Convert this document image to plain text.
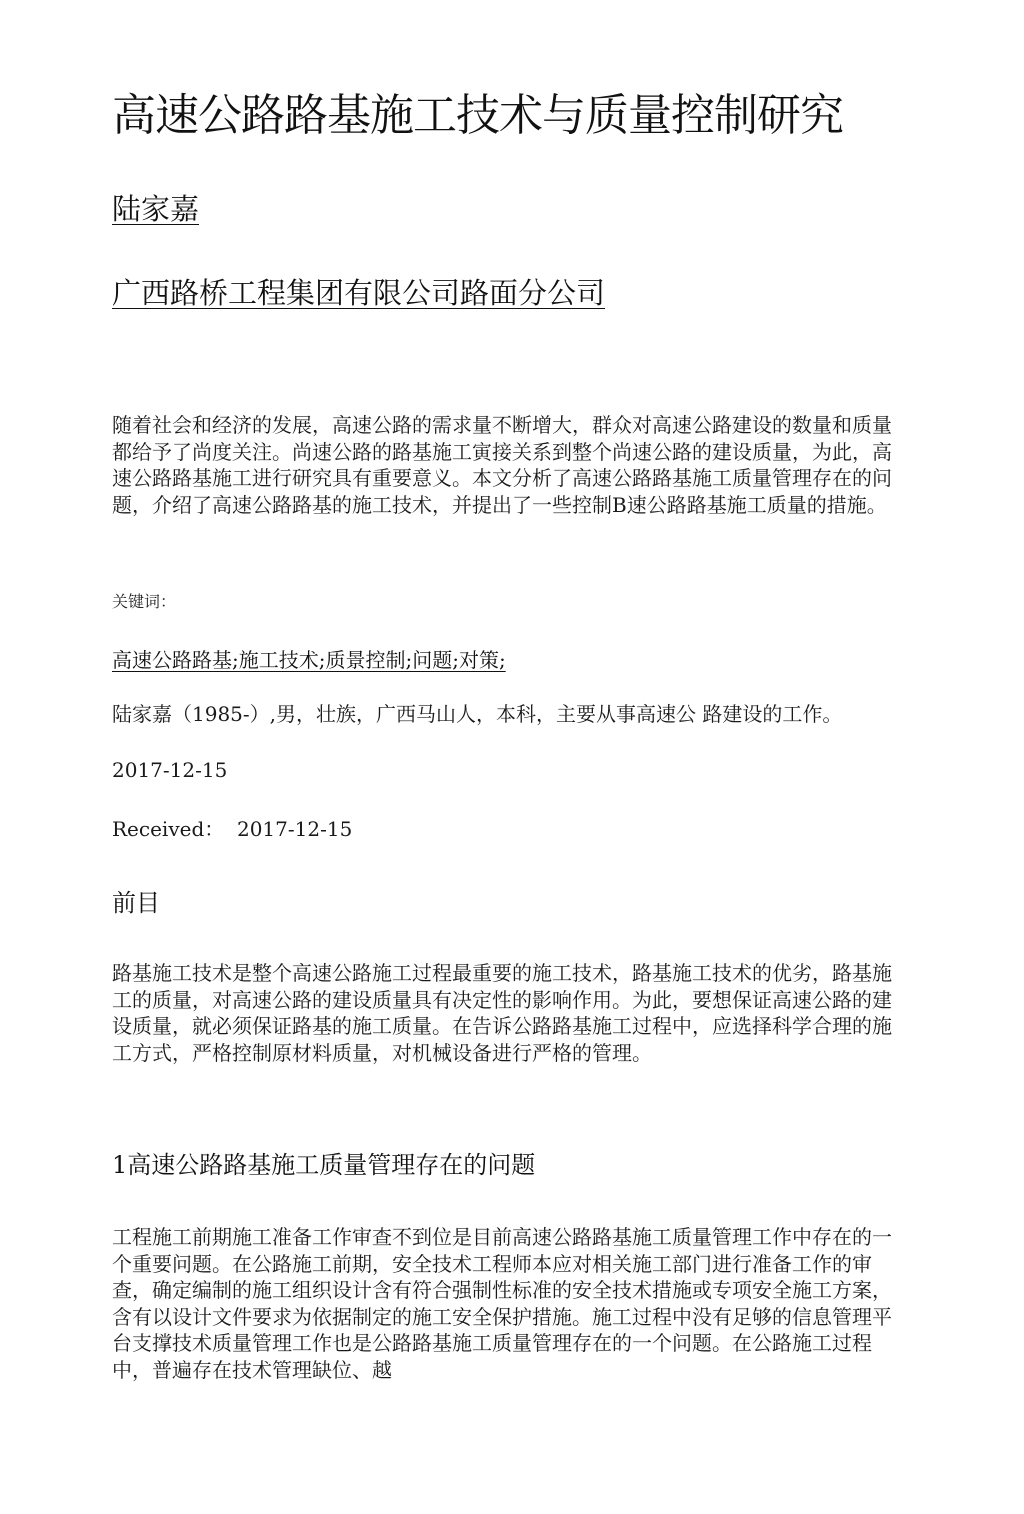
高速公路路基施工技术与质量控制研究
陆家嘉
广西路桥工程集团有限公司路面分公司

随着社会和经济的发展，高速公路的需求量不断增大，群众对高速公路建设的数量和质量都给予了尚度关注。尚速公路的路基施工寅接关系到整个尚速公路的建设质量，为此，高速公路路基施工进行研究具有重要意义。本文分析了高速公路路基施工质量管理存在的问题，介绍了高速公路路基的施工技术，并提出了一些控制B速公路路基施工质量的措施。

关键词：
高速公路路基;施工技术;质景控制;问题;对策;
陆家嘉（1985-）,男，壮族，广西马山人，本科，主要从事高速公 路建设的工作。
2017-12-15
Received：  2017-12-15
前目

路基施工技术是整个高速公路施工过程最重要的施工技术，路基施工技术的优劣，路基施工的质量，对高速公路的建设质量具有决定性的影响作用。为此，要想保证高速公路的建设质量，就必须保证路基的施工质量。在告诉公路路基施工过程中，应选择科学合理的施工方式，严格控制原材料质量，对机械设备进行严格的管理。

1高速公路路基施工质量管理存在的问题

工程施工前期施工准备工作审查不到位是目前高速公路路基施工质量管理工作中存在的一个重要问题。在公路施工前期，安全技术工程师本应对相关施工部门进行准备工作的审查，确定编制的施工组织设计含有符合强制性标准的安全技术措施或专项安全施工方案，含有以设计文件要求为依据制定的施工安全保护措施。施工过程中没有足够的信息管理平台支撑技术质量管理工作也是公路路基施工质量管理存在的一个问题。在公路施工过程中，普遍存在技术管理缺位、越
